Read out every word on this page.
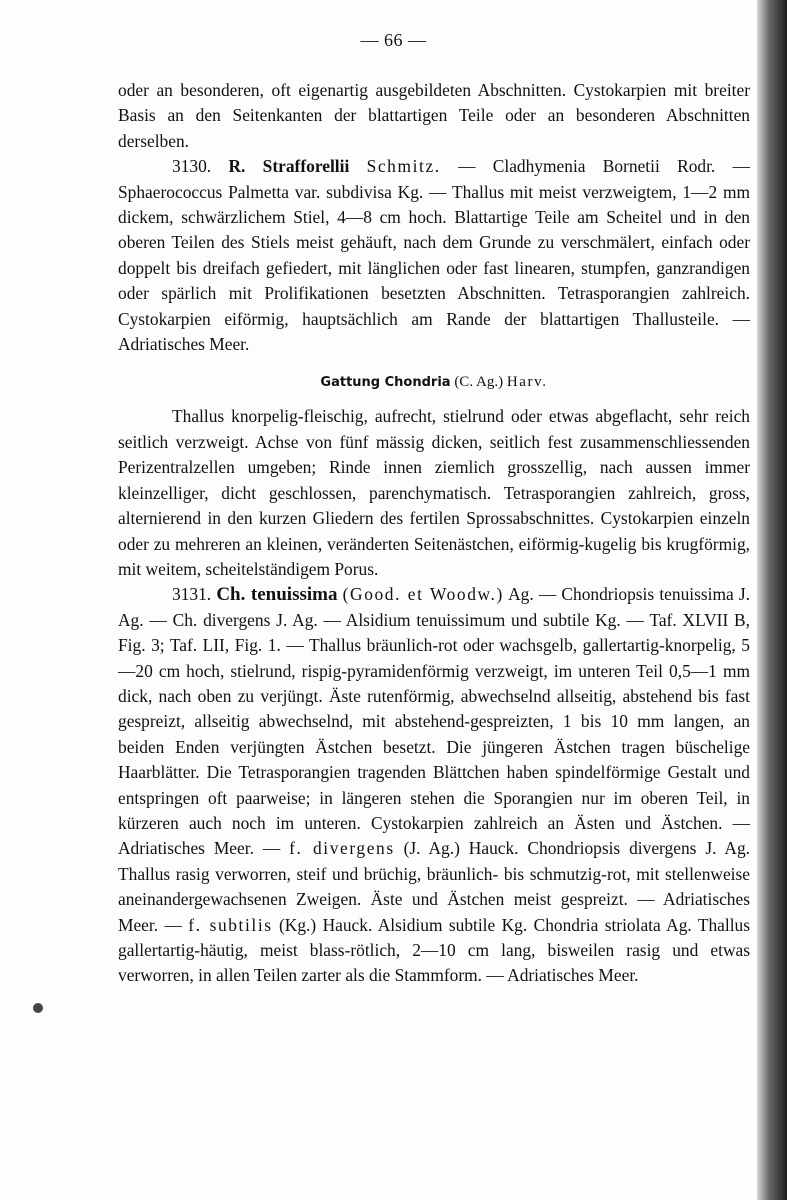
— 66 —

oder an besonderen, oft eigenartig ausgebildeten Abschnitten. Cystokarpien mit breiter Basis an den Seitenkanten der blattartigen Teile oder an besonderen Abschnitten derselben.

3130. R. Strafforellii Schmitz. — Cladhymenia Bornetii Rodr. — Sphaerococcus Palmetta var. subdivisa Kg. — Thallus mit meist verzweigtem, 1—2 mm dickem, schwärzlichem Stiel, 4—8 cm hoch. Blattartige Teile am Scheitel und in den oberen Teilen des Stiels meist gehäuft, nach dem Grunde zu verschmälert, einfach oder doppelt bis dreifach gefiedert, mit länglichen oder fast linearen, stumpfen, ganzrandigen oder spärlich mit Prolifikationen besetzten Abschnitten. Tetrasporangien zahlreich. Cystokarpien eiförmig, hauptsächlich am Rande der blattartigen Thallusteile. — Adriatisches Meer.

Gattung Chondria (C. Ag.) Harv.

Thallus knorpelig-fleischig, aufrecht, stielrund oder etwas abgeflacht, sehr reich seitlich verzweigt. Achse von fünf mässig dicken, seitlich fest zusammenschliessenden Perizentralzellen umgeben; Rinde innen ziemlich grosszellig, nach aussen immer kleinzelliger, dicht geschlossen, parenchymatisch. Tetrasporangien zahlreich, gross, alternierend in den kurzen Gliedern des fertilen Sprossabschnittes. Cystokarpien einzeln oder zu mehreren an kleinen, veränderten Seitenästchen, eiförmig-kugelig bis krugförmig, mit weitem, scheitelständigem Porus.

3131. Ch. tenuissima (Good. et Woodw.) Ag. — Chondriopsis tenuissima J. Ag. — Ch. divergens J. Ag. — Alsidium tenuissimum und subtile Kg. — Taf. XLVII B, Fig. 3; Taf. LII, Fig. 1. — Thallus bräunlich-rot oder wachsgelb, gallertartig-knorpelig, 5—20 cm hoch, stielrund, rispig-pyramidenförmig verzweigt, im unteren Teil 0,5—1 mm dick, nach oben zu verjüngt. Äste rutenförmig, abwechselnd allseitig, abstehend bis fast gespreizt, allseitig abwechselnd, mit abstehend-gespreizten, 1 bis 10 mm langen, an beiden Enden verjüngten Ästchen besetzt. Die jüngeren Ästchen tragen büschelige Haarblätter. Die Tetrasporangien tragenden Blättchen haben spindelförmige Gestalt und entspringen oft paarweise; in längeren stehen die Sporangien nur im oberen Teil, in kürzeren auch noch im unteren. Cystokarpien zahlreich an Ästen und Ästchen. — Adriatisches Meer. — f. divergens (J. Ag.) Hauck. Chondriopsis divergens J. Ag. Thallus rasig verworren, steif und brüchig, bräunlich- bis schmutzig-rot, mit stellenweise aneinandergewachsenen Zweigen. Äste und Ästchen meist gespreizt. — Adriatisches Meer. — f. subtilis (Kg.) Hauck. Alsidium subtile Kg. Chondria striolata Ag. Thallus gallertartig-häutig, meist blass-rötlich, 2—10 cm lang, bisweilen rasig und etwas verworren, in allen Teilen zarter als die Stammform. — Adriatisches Meer.
